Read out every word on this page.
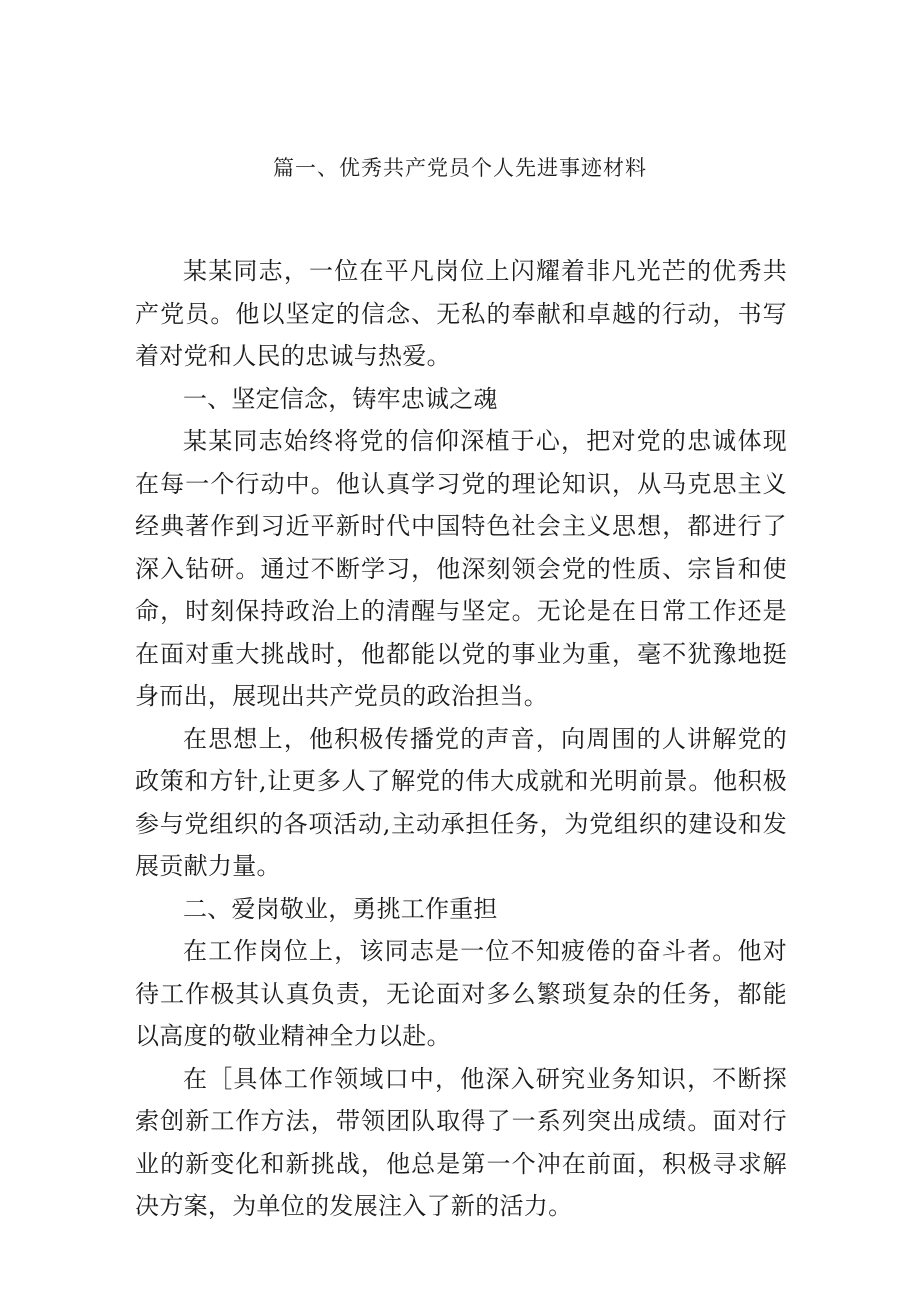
篇一、优秀共产党员个人先进事迹材料

某某同志，一位在平凡岗位上闪耀着非凡光芒的优秀共产党员。他以坚定的信念、无私的奉献和卓越的行动，书写着对党和人民的忠诚与热爱。

一、坚定信念，铸牢忠诚之魂

某某同志始终将党的信仰深植于心，把对党的忠诚体现在每一个行动中。他认真学习党的理论知识，从马克思主义经典著作到习近平新时代中国特色社会主义思想，都进行了深入钻研。通过不断学习，他深刻领会党的性质、宗旨和使命，时刻保持政治上的清醒与坚定。无论是在日常工作还是在面对重大挑战时，他都能以党的事业为重，毫不犹豫地挺身而出，展现出共产党员的政治担当。

在思想上，他积极传播党的声音，向周围的人讲解党的政策和方针,让更多人了解党的伟大成就和光明前景。他积极参与党组织的各项活动,主动承担任务，为党组织的建设和发展贡献力量。

二、爱岗敬业，勇挑工作重担

在工作岗位上，该同志是一位不知疲倦的奋斗者。他对待工作极其认真负责，无论面对多么繁琐复杂的任务，都能以高度的敬业精神全力以赴。

在［具体工作领域口中，他深入研究业务知识，不断探索创新工作方法，带领团队取得了一系列突出成绩。面对行业的新变化和新挑战，他总是第一个冲在前面，积极寻求解决方案，为单位的发展注入了新的活力。
